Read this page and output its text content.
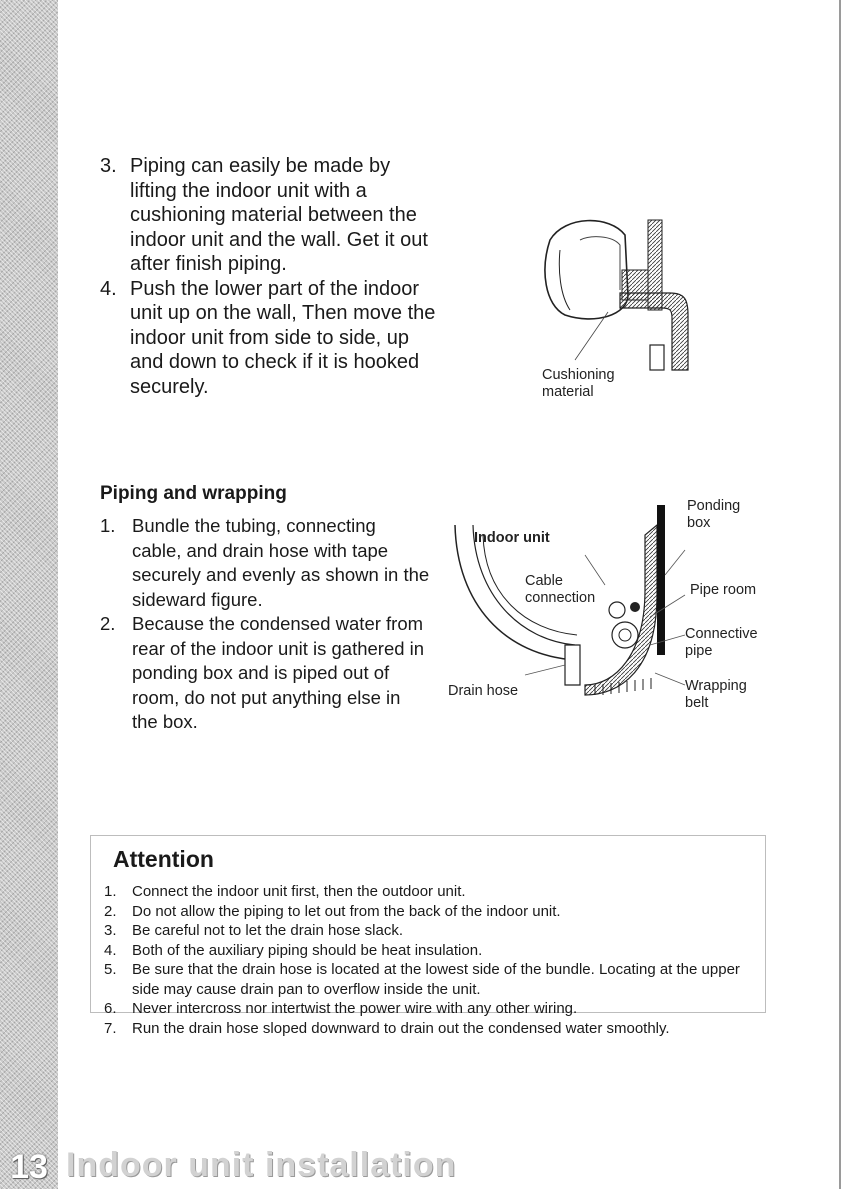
3. Piping can easily be made by lifting the indoor unit with a cushioning material between the indoor unit and the wall. Get it out after finish piping.
4. Push the lower part of the indoor unit up on the wall, Then move the indoor unit from side to side, up and down to check if it is hooked securely.
Cushioning
material
Piping and wrapping
1. Bundle the tubing, connecting cable, and drain hose with tape securely and evenly as shown in the sideward figure.
2. Because the condensed water from rear of the indoor unit is gathered in ponding box and is piped out of room, do not put anything else in the box.
Indoor unit
Cable
connection
Drain hose
Ponding
box
Pipe room
Connective
pipe
Wrapping
belt
Attention
1.	Connect the indoor unit first, then the outdoor unit.
2.	Do not allow the piping to let out from the back of the indoor unit.
3.	Be careful not to let the drain hose slack.
4.	Both of the auxiliary piping should be heat insulation.
5.	Be sure that the drain hose is located at the lowest side of the bundle. Locating at the upper side may cause drain pan to overflow inside the unit.
6.	Never intercross nor intertwist the power wire with any other wiring.
7.	Run the drain hose sloped downward to drain out the condensed water smoothly.
13 Indoor unit installation
